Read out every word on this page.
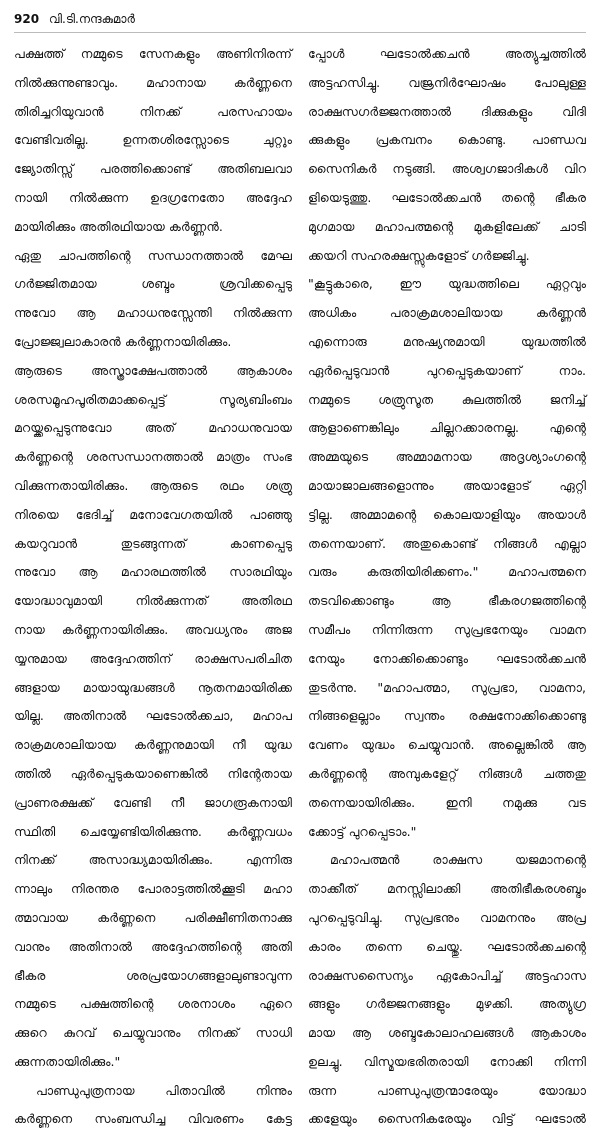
920 വി.ടി.നന്ദകുമാർ
പക്ഷത്ത് നമ്മുടെ സേനകളും അണിനിരന്ന്
നിൽക്കുന്നുണ്ടാവും. മഹാനായ കർണ്ണനെ
തിരിച്ചറിയുവാൻ നിനക്ക് പരസഹായം
വേണ്ടിവരില്ല. ഉന്നതശിരസ്സോടെ ചുറ്റും
ജ്യോതിസ്സ് പരത്തിക്കൊണ്ട് അതിബലവാ
നായി നിൽക്കുന്ന ഉദഗ്രനേതോ അദ്ദേഹ
മായിരിക്കും അതിരഥിയായ കർണ്ണൻ.
ഏതു ചാപത്തിന്റെ സന്ധാനത്താൽ മേഘ
ഗർജ്ജിതമായ ശബ്ദം ശ്രവിക്കപ്പെടു
ന്നുവോ ആ മഹാധനുസ്സേന്തി നിൽക്കുന്ന
പ്രോജ്ജ്വലാകാരൻ കർണ്ണനായിരിക്കും.
ആരുടെ അസ്ത്രാക്ഷേപത്താൽ ആകാശം
ശരസമൂഹപൂരിതമാക്കപ്പെട്ട് സൂര്യബിംബം
മറയ്ക്കപ്പെടുന്നുവോ അത് മഹാധനുവായ
കർണ്ണന്റെ ശരസന്ധാനത്താൽ മാത്രം സംഭ
വിക്കുന്നതായിരിക്കും. ആരുടെ രഥം ശത്രു
നിരയെ ഭേദിച്ച് മനോവേഗതയിൽ പാഞ്ഞു
കയറുവാൻ തുടങ്ങുന്നത് കാണപ്പെടു
ന്നുവോ ആ മഹാരഥത്തിൽ സാരഥിയും
യോദ്ധാവുമായി നിൽക്കുന്നത് അതിരഥ
നായ കർണ്ണനായിരിക്കും. അവധ്യനും അജ
യ്യനുമായ അദ്ദേഹത്തിന് രാക്ഷസപരിചിത
ങ്ങളായ മായായുദ്ധങ്ങൾ നൂതനമായിരിക്ക
യില്ല. അതിനാൽ ഘടോൽക്കചാ, മഹാപ
രാക്രമശാലിയായ കർണ്ണനുമായി നീ യുദ്ധ
ത്തിൽ ഏർപ്പെടുകയാണെങ്കിൽ നിന്റേതായ
പ്രാണരക്ഷക്ക് വേണ്ടി നീ ജാഗരൂകനായി
സ്ഥിതി ചെയ്യേണ്ടിയിരിക്കുന്നു. കർണ്ണവധം
നിനക്ക് അസാദ്ധ്യമായിരിക്കും. എന്നിരു
ന്നാലും നിരന്തര പോരാട്ടത്തിൽക്കൂടി മഹാ
ത്മാവായ കർണ്ണനെ പരിക്ഷീണിതനാക്കു
വാനും അതിനാൽ അദ്ദേഹത്തിന്റെ അതി
ഭീകര ശരപ്രയോഗങ്ങളാലുണ്ടാവുന്ന
നമ്മുടെ പക്ഷത്തിന്റെ ശരനാശം ഏറെ
ക്കുറെ കുറവ് ചെയ്യുവാനും നിനക്ക് സാധി
ക്കുന്നതായിരിക്കും."
പാണ്ഡുപുത്രനായ പിതാവിൽ നിന്നും
കർണ്ണനെ സംബന്ധിച്ച വിവരണം കേട്ട
പ്പോൾ ഘടോൽക്കചൻ അത്യുച്ചത്തിൽ
അട്ടഹസിച്ചു. വജ്രനിർഘോഷം പോലുള്ള
രാക്ഷസഗർജ്ജനത്താൽ ദിക്കുകളും വിദി
ക്കുകളും പ്രകമ്പനം കൊണ്ടു. പാണ്ഡവ
സൈനികർ നടുങ്ങി. അശ്വഗജാദികൾ വിറ
ളിയെടുത്തു. ഘടോൽക്കചൻ തന്റെ ഭീകര
മുഗമായ മഹാപത്മന്റെ മുകളിലേക്ക് ചാടി
ക്കയറി സഹരക്ഷസ്സുകളോട് ഗർജ്ജിച്ചു.
"കൂട്ടുകാരെ, ഈ യുദ്ധത്തിലെ ഏറ്റവും
അധികം പരാക്രമശാലിയായ കർണ്ണൻ
എന്നൊരു മനുഷ്യനുമായി യുദ്ധത്തിൽ
ഏർപ്പെടുവാൻ പുറപ്പെടുകയാണ് നാം.
നമ്മുടെ ശത്രുസൂത കുലത്തിൽ ജനിച്ച്
ആളാണെങ്കിലും ചില്ലറക്കാരനല്ല. എന്റെ
അമ്മയുടെ അമ്മാമനായ അദൃശ്യാംഗന്റെ
മായാജാലങ്ങളൊന്നും അയാളോട് ഏറ്റി
ട്ടില്ല. അമ്മാമന്റെ കൊലയാളിയും അയാൾ
തന്നെയാണ്. അതുകൊണ്ട് നിങ്ങൾ എല്ലാ
വരും കരുതിയിരിക്കണം." മഹാപത്മനെ
തടവിക്കൊണ്ടും ആ ഭീകരഗജത്തിന്റെ
സമീപം നിന്നിരുന്ന സുപ്രഭനേയും വാമന
നേയും നോക്കിക്കൊണ്ടും ഘടോൽക്കചൻ
തുടർന്നു. "മഹാപത്മാ, സുപ്രഭാ, വാമനാ,
നിങ്ങളെല്ലാം സ്വന്തം രക്ഷനോക്കിക്കൊണ്ടു
വേണം യുദ്ധം ചെയ്യുവാൻ. അല്ലെങ്കിൽ ആ
കർണ്ണന്റെ അമ്പുകളേറ്റ് നിങ്ങൾ ചത്തതു
തന്നെയായിരിക്കും. ഇനി നമുക്കു വട
ക്കോട്ട് പുറപ്പെടാം."
മഹാപത്മൻ രാക്ഷസ യജമാനന്റെ
താക്കീത് മനസ്സിലാക്കി അതിഭീകരശബ്ദം
പുറപ്പെടുവിച്ചു. സുപ്രഭനും വാമനനും അപ്ര
കാരം തന്നെ ചെയ്തു. ഘടോൽക്കചന്റെ
രാക്ഷസസൈന്യം ഏകോപിച്ച് അട്ടഹാസ
ങ്ങളും ഗർജ്ജനങ്ങളും മുഴക്കി. അത്യുഗ്ര
മായ ആ ശബ്ദകോലാഹലങ്ങൾ ആകാശം
ഉലച്ചു. വിസ്മയഭരിതരായി നോക്കി നിന്നി
രുന്ന പാണ്ഡുപുത്രന്മാരേയും യോദ്ധാ
ക്കളേയും സൈനികരേയും വിട്ട് ഘടോൽ
